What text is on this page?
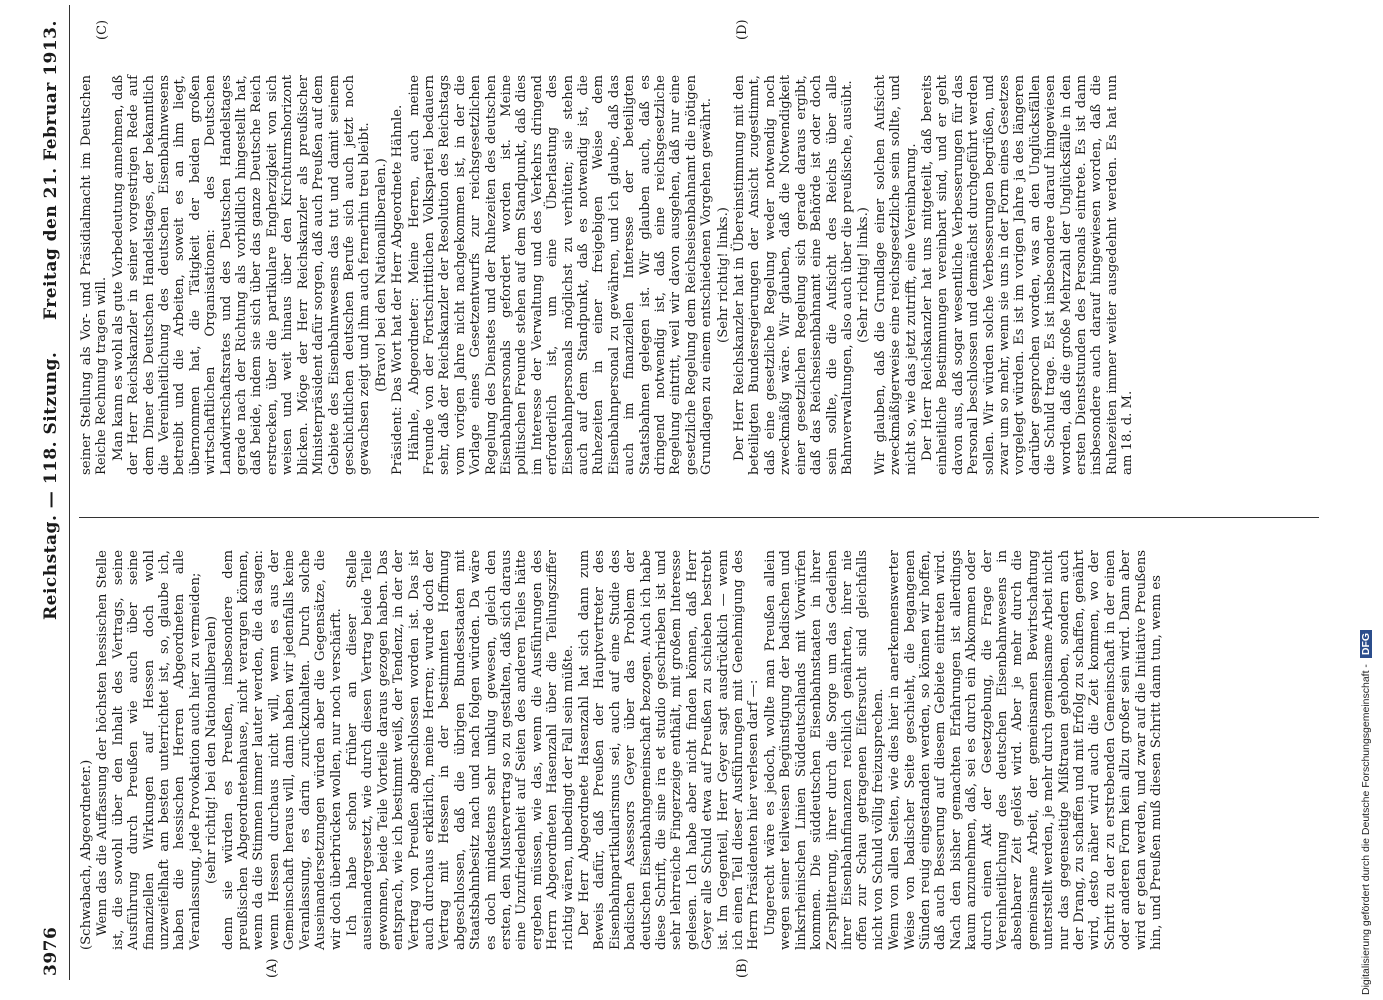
3976
Reichstag. — 118. Sitzung.
Freitag den 21. Februar 1913.
(A)	(B)
(C)	(D)

(Schwabach, Abgeordneter.) Wenn das die Auffassung der höchsten hessischen Stelle ist, die sowohl über den Inhalt des Vertrags, seine Ausführung durch Preußen wie auch über seine finanziellen Wirkungen auf Hessen doch wohl unzweifelhaft am besten unterrichtet ist, so, glaube ich, haben die hessischen Herren Abgeordneten alle Veranlassung, jede Provokation auch hier zu vermeiden; (sehr richtig! bei den Nationalliberalen) denn sie würden es Preußen, insbesondere dem preußischen Abgeordnetenhause, nicht verargen können, wenn da die Stimmen immer lauter werden, die da sagen: wenn Hessen durchaus nicht will, wenn es aus der Gemeinschaft heraus will, dann haben wir jedenfalls keine Veranlassung, es darin zurückzuhalten. Durch solche Auseinandersetzungen würden aber die Gegensätze, die wir doch überbrücken wollen, nur noch verschärft. Ich habe schon früher an dieser Stelle auseinandergesetzt, wie durch diesen Vertrag beide Teile gewonnen, beide Teile Vorteile daraus gezogen haben. Das entsprach, wie ich bestimmt weiß, der Tendenz, in der der Vertrag von Preußen abgeschlossen worden ist. Das ist auch durchaus erklärlich, meine Herren; wurde doch der Vertrag mit Hessen in der bestimmten Hoffnung abgeschlossen, daß die übrigen Bundesstaaten mit Staatsbahnbesitz nach und nach folgen würden. Da wäre es doch mindestens sehr unklug gewesen, gleich den ersten, den Mustervertrag so zu gestalten, daß sich daraus eine Unzufriedenheit auf Seiten des anderen Teiles hätte ergeben müssen, wie das, wenn die Ausführungen des Herrn Abgeordneten Hasenzahl über die Teilungsziffer richtig wären, unbedingt der Fall sein müßte. Der Herr Abgeordnete Hasenzahl hat sich dann zum Beweis dafür, daß Preußen der Hauptvertreter des Eisenbahnpartikularismus sei, auch auf eine Studie des badischen Assessors Geyer über das Problem der deutschen Eisenbahngemeinschaft bezogen. Auch ich habe diese Schrift, die sine ira et studio geschrieben ist und sehr lehrreiche Fingerzeige enthält, mit großem Interesse gelesen. Ich habe aber nicht finden können, daß Herr Geyer alle Schuld etwa auf Preußen zu schieben bestrebt ist. Im Gegenteil, Herr Geyer sagt ausdrücklich — wenn ich einen Teil dieser Ausführungen mit Genehmigung des Herrn Präsidenten hier verlesen darf —: Ungerecht wäre es jedoch, wollte man Preußen allein wegen seiner teilweisen Begünstigung der badischen und linksrheinischen Linien Süddeutschlands mit Vorwürfen kommen. Die süddeutschen Eisenbahnstaaten in ihrer Zersplitterung, ihrer durch die Sorge um das Gedeihen ihrer Eisenbahnfinanzen reichlich genährten, ihrer nie offen zur Schau getragenen Eifersucht sind gleichfalls nicht von Schuld völlig freizusprechen. Wenn von allen Seiten, wie dies hier in anerkennenswerter Weise von badischer Seite geschieht, die begangenen Sünden reuig eingestanden werden, so können wir hoffen, daß auch Besserung auf diesem Gebiete eintreten wird. Nach den bisher gemachten Erfahrungen ist allerdings kaum anzunehmen, daß, sei es durch ein Abkommen oder durch einen Akt der Gesetzgebung, die Frage der Vereinheitlichung des deutschen Eisenbahnwesens in absehbarer Zeit gelöst wird. Aber je mehr durch die gemeinsame Arbeit, der gemeinsamen Bewirtschaftung unterstellt werden, je mehr durch gemeinsame Arbeit nicht nur das gegenseitige Mißtrauen gehoben, sondern auch der Drang, zu schaffen und mit Erfolg zu schaffen, genährt wird, desto näher wird auch die Zeit kommen, wo der Schritt zu der zu erstrebenden Gemeinschaft in der einen oder anderen Form kein allzu großer sein wird. Dann aber wird er getan werden, und zwar auf die Initiative Preußens hin, und Preußen muß diesen Schritt dann tun, wenn es

seiner Stellung als Vor- und Präsidialmacht im Deutschen Reiche Rechnung tragen will. Man kann es wohl als gute Vorbedeutung annehmen, daß der Herr Reichskanzler in seiner vorgestrigen Rede auf dem Diner des Deutschen Handelstages, der bekanntlich die Vereinheitlichung des deutschen Eisenbahnwesens betreibt und die Arbeiten, soweit es an ihm liegt, übernommen hat, die Tätigkeit der beiden großen wirtschaftlichen Organisationen: des Deutschen Landwirtschaftsrates und des Deutschen Handelstages gerade nach der Richtung als vorbildlich hingestellt hat, daß beide, indem sie sich über das ganze Deutsche Reich erstrecken, über die partikulare Engherzigkeit von sich weisen und weit hinaus über den Kirchturmshorizont blicken. Möge der Herr Reichskanzler als preußischer Ministerpräsident dafür sorgen, daß auch Preußen auf dem Gebiete des Eisenbahnwesens das tut und damit seinem geschichtlichen deutschen Berufe sich auch jetzt noch gewachsen zeigt und ihm auch fernerhin treu bleibt. (Bravo! bei den Nationalliberalen.) Präsident: Das Wort hat der Herr Abgeordnete Hähnle. Hähnle, Abgeordneter: Meine Herren, auch meine Freunde von der Fortschrittlichen Volkspartei bedauern sehr, daß der Reichskanzler der Resolution des Reichstags vom vorigen Jahre nicht nachgekommen ist, in der die Vorlage eines Gesetzentwurfs zur reichsgesetzlichen Regelung des Dienstes und der Ruhezeiten des deutschen Eisenbahnpersonals gefordert worden ist. Meine politischen Freunde stehen auf dem Standpunkt, daß dies im Interesse der Verwaltung und des Verkehrs dringend erforderlich ist, um eine Überlastung des Eisenbahnpersonals möglichst zu verhüten; sie stehen auch auf dem Standpunkt, daß es notwendig ist, die Ruhezeiten in einer freigebigen Weise dem Eisenbahnpersonal zu gewähren, und ich glaube, daß das auch im finanziellen Interesse der beteiligten Staatsbahnen gelegen ist. Wir glauben auch, daß es dringend notwendig ist, daß eine reichsgesetzliche Regelung eintritt, weil wir davon ausgehen, daß nur eine gesetzliche Regelung dem Reichseisenbahnamt die nötigen Grundlagen zu einem entschiedenen Vorgehen gewährt. (Sehr richtig! links.) Der Herr Reichskanzler hat in Übereinstimmung mit den beteiligten Bundesregierungen der Ansicht zugestimmt, daß eine gesetzliche Regelung weder notwendig noch zweckmäßig wäre. Wir glauben, daß die Notwendigkeit einer gesetzlichen Regelung sich gerade daraus ergibt, daß das Reichseisenbahnamt eine Behörde ist oder doch sein sollte, die die Aufsicht des Reichs über alle Bahnverwaltungen, also auch über die preußische, ausübt. (Sehr richtig! links.) Wir glauben, daß die Grundlage einer solchen Aufsicht zweckmäßigerweise eine reichsgesetzliche sein sollte, und nicht so, wie das jetzt zutrifft, eine Vereinbarung. Der Herr Reichskanzler hat uns mitgeteilt, daß bereits einheitliche Bestimmungen vereinbart sind, und er geht davon aus, daß sogar wesentliche Verbesserungen für das Personal beschlossen und demnächst durchgeführt werden sollen. Wir würden solche Verbesserungen begrüßen, und zwar um so mehr, wenn sie uns in der Form eines Gesetzes vorgelegt würden. Es ist im vorigen Jahre ja des längeren darüber gesprochen worden, was an den Unglücksfällen die Schuld trage. Es ist insbesondere darauf hingewiesen worden, daß die große Mehrzahl der Unglücksfälle in den ersten Dienststunden des Personals eintrete. Es ist dann insbesondere auch darauf hingewiesen worden, daß die Ruhezeiten immer weiter ausgedehnt werden. Es hat nun am 18. d. M.

Digitalisierung gefördert durch die Deutsche Forschungsgemeinschaft -DFG
